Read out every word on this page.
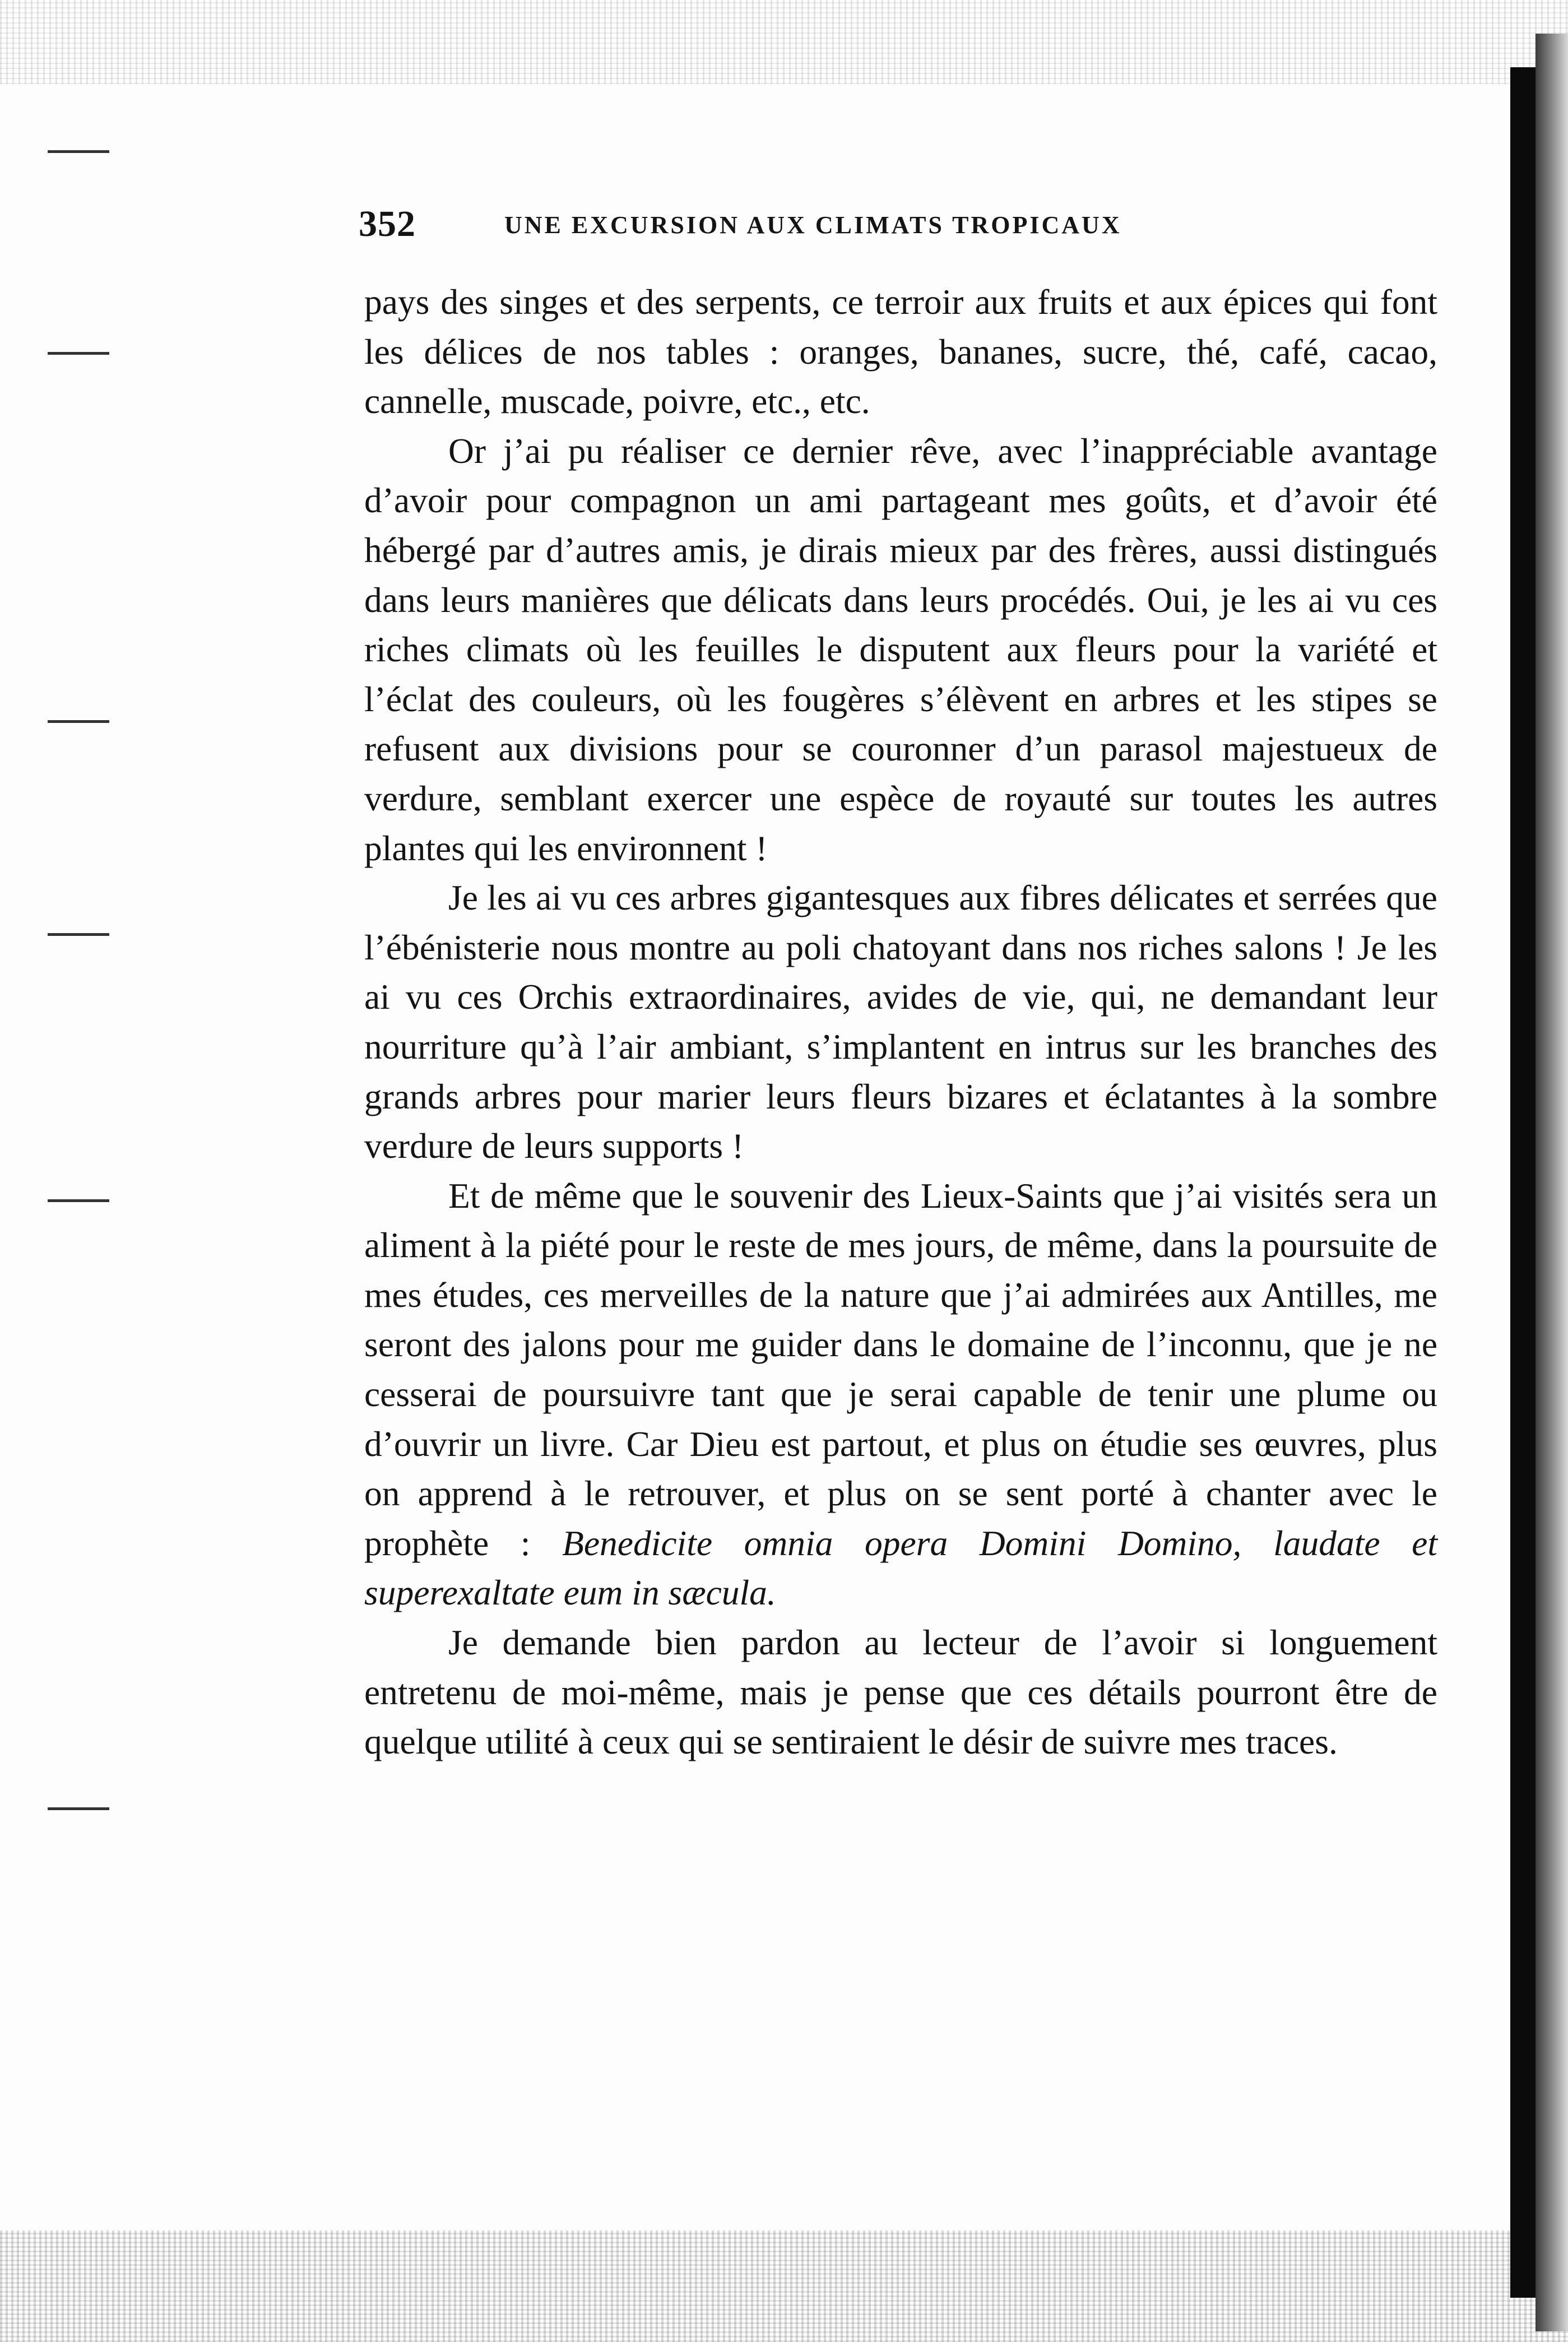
352	UNE EXCURSION AUX CLIMATS TROPICAUX

pays des singes et des serpents, ce terroir aux fruits et aux épices qui font les délices de nos tables : oranges, bananes, sucre, thé, café, cacao, cannelle, muscade, poivre, etc., etc.

Or j’ai pu réaliser ce dernier rêve, avec l’inappréciable avantage d’avoir pour compagnon un ami partageant mes goûts, et d’avoir été hébergé par d’autres amis, je dirais mieux par des frères, aussi distingués dans leurs manières que délicats dans leurs procédés. Oui, je les ai vu ces riches climats où les feuilles le disputent aux fleurs pour la variété et l’éclat des couleurs, où les fougères s’élèvent en arbres et les stipes se refusent aux divisions pour se couronner d’un parasol majestueux de verdure, semblant exercer une espèce de royauté sur toutes les autres plantes qui les environnent !

Je les ai vu ces arbres gigantesques aux fibres délicates et serrées que l’ébénisterie nous montre au poli chatoyant dans nos riches salons ! Je les ai vu ces Orchis extraordinaires, avides de vie, qui, ne demandant leur nourriture qu’à l’air ambiant, s’implantent en intrus sur les branches des grands arbres pour marier leurs fleurs bizares et éclatantes à la sombre verdure de leurs supports !

Et de même que le souvenir des Lieux-Saints que j’ai visités sera un aliment à la piété pour le reste de mes jours, de même, dans la poursuite de mes études, ces merveilles de la nature que j’ai admirées aux Antilles, me seront des jalons pour me guider dans le domaine de l’inconnu, que je ne cesserai de poursuivre tant que je serai capable de tenir une plume ou d’ouvrir un livre. Car Dieu est partout, et plus on étudie ses œuvres, plus on apprend à le retrouver, et plus on se sent porté à chanter avec le prophète : Benedicite omnia opera Domini Domino, laudate et superexaltate eum in sæcula.

Je demande bien pardon au lecteur de l’avoir si longuement entretenu de moi-même, mais je pense que ces détails pourront être de quelque utilité à ceux qui se sentiraient le désir de suivre mes traces.
